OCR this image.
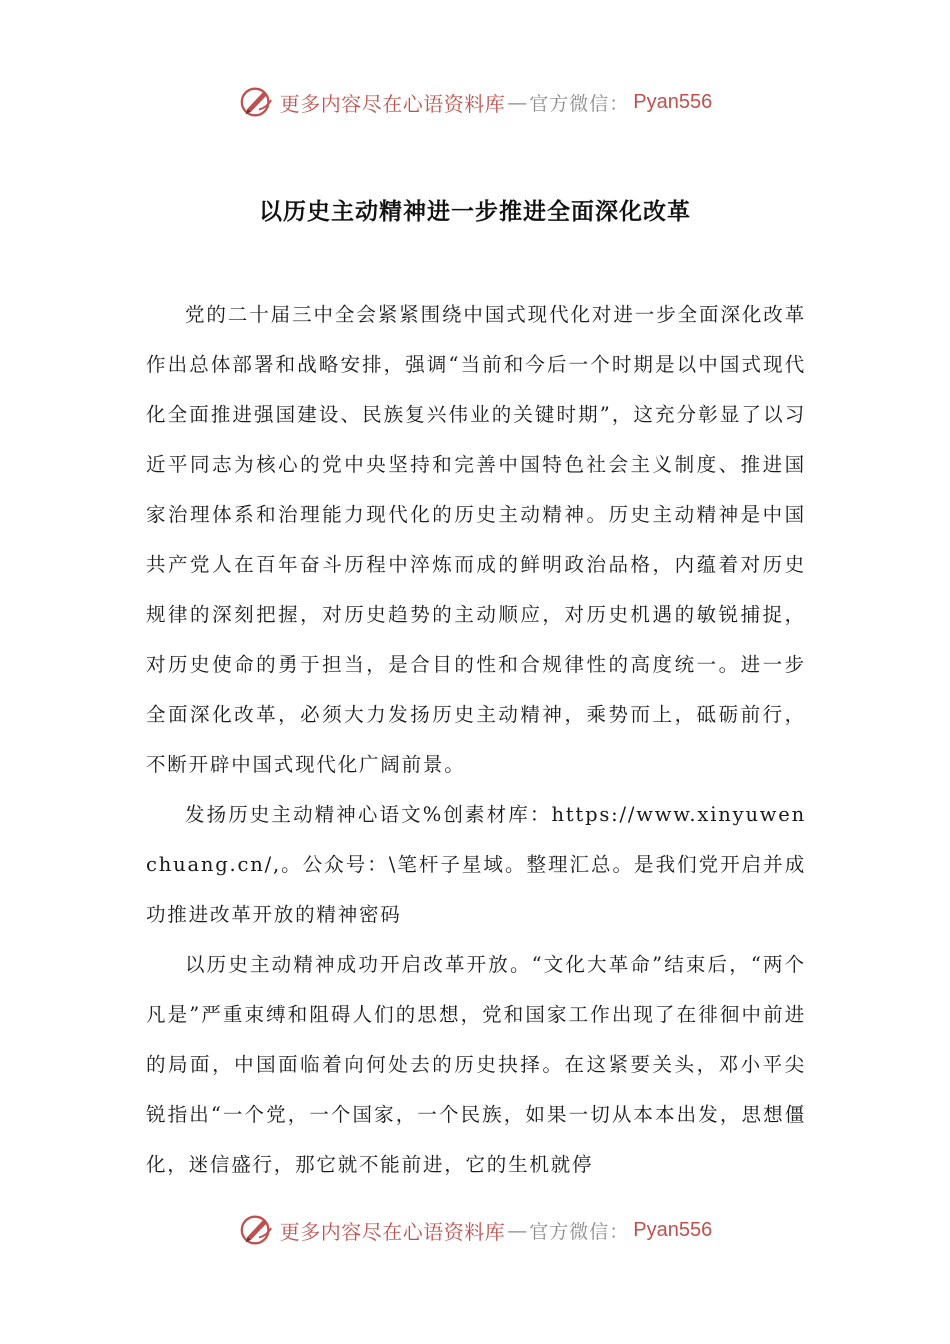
更多内容尽在心语资料库 — 官方微信： Pyan556
以历史主动精神进一步推进全面深化改革

党的二十届三中全会紧紧围绕中国式现代化对进一步全面深化改革作出总体部署和战略安排，强调“当前和今后一个时期是以中国式现代化全面推进强国建设、民族复兴伟业的关键时期”，这充分彰显了以习近平同志为核心的党中央坚持和完善中国特色社会主义制度、推进国家治理体系和治理能力现代化的历史主动精神。历史主动精神是中国共产党人在百年奋斗历程中淬炼而成的鲜明政治品格，内蕴着对历史规律的深刻把握，对历史趋势的主动顺应，对历史机遇的敏锐捕捉，对历史使命的勇于担当，是合目的性和合规律性的高度统一。进一步全面深化改革，必须大力发扬历史主动精神，乘势而上，砥砺前行，不断开辟中国式现代化广阔前景。

发扬历史主动精神心语文%创素材库：https://www.xinyuwenchuang.cn/,。公众号：\笔杆子星域。整理汇总。是我们党开启并成功推进改革开放的精神密码

以历史主动精神成功开启改革开放。“文化大革命”结束后，“两个凡是”严重束缚和阻碍人们的思想，党和国家工作出现了在徘徊中前进的局面，中国面临着向何处去的历史抉择。在这紧要关头，邓小平尖锐指出“一个党，一个国家，一个民族，如果一切从本本出发，思想僵化，迷信盛行，那它就不能前进，它的生机就停

更多内容尽在心语资料库 — 官方微信： Pyan556
